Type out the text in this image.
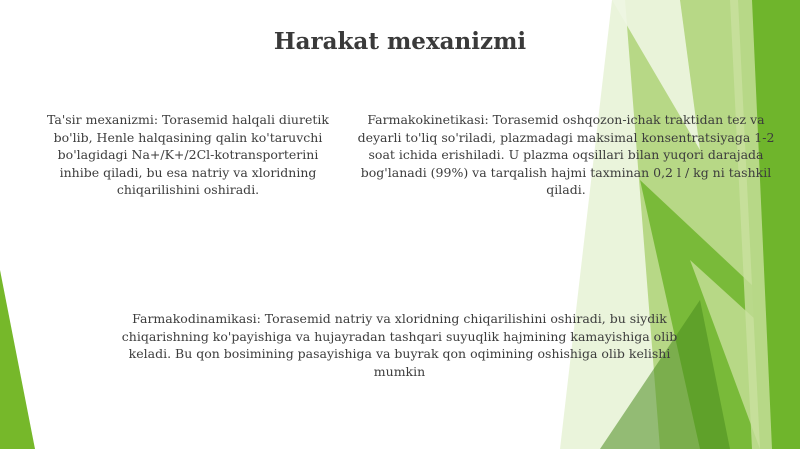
Harakat mexanizmi

Ta'sir mexanizmi: Torasemid halqali diuretik bo'lib, Henle halqasining qalin ko'taruvchi bo'lagidagi Na+/K+/2Cl-kotransporterini inhibe qiladi, bu esa natriy va xloridning chiqarilishini oshiradi.

Farmakokinetikasi: Torasemid oshqozon-ichak traktidan tez va deyarli to'liq so'riladi, plazmadagi maksimal konsentratsiyaga 1-2 soat ichida erishiladi. U plazma oqsillari bilan yuqori darajada bog'lanadi (99%) va tarqalish hajmi taxminan 0,2 l / kg ni tashkil qiladi.

Farmakodinamikasi: Torasemid natriy va xloridning chiqarilishini oshiradi, bu siydik chiqarishning ko'payishiga va hujayradan tashqari suyuqlik hajmining kamayishiga olib keladi. Bu qon bosimining pasayishiga va buyrak qon oqimining oshishiga olib kelishi mumkin
